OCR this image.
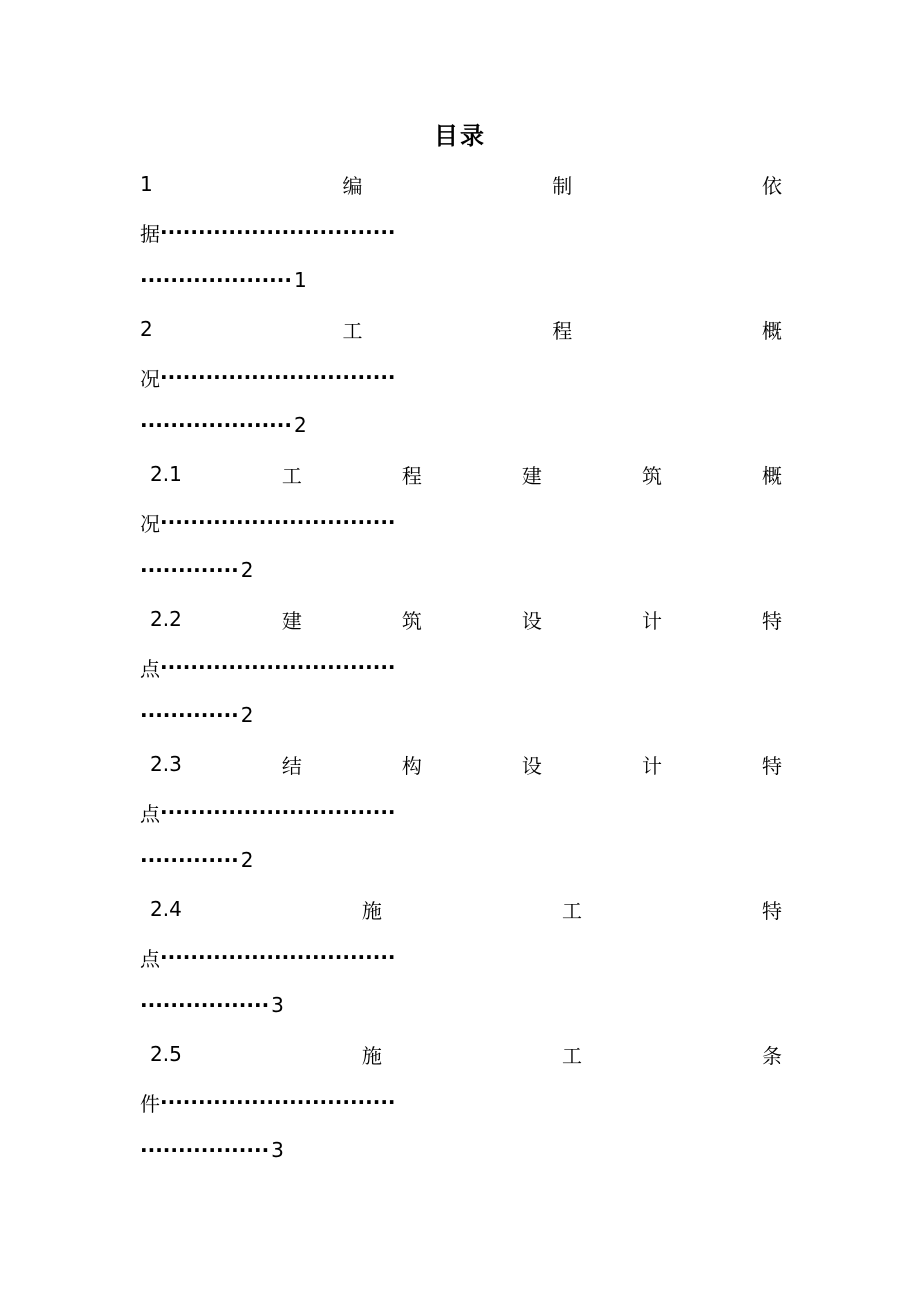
目录
1	编	制	依
据 ·······························
···················· 1
2	工	程	概
况 ·······························
···················· 2
2.1	工	程	建	筑	概
况 ·······························
············· 2
2.2	建	筑	设	计	特
点 ·······························
············· 2
2.3	结	构	设	计	特
点 ·······························
············· 2
2.4	施	工	特
点 ·······························
················· 3
2.5	施	工	条
件 ·······························
················· 3
